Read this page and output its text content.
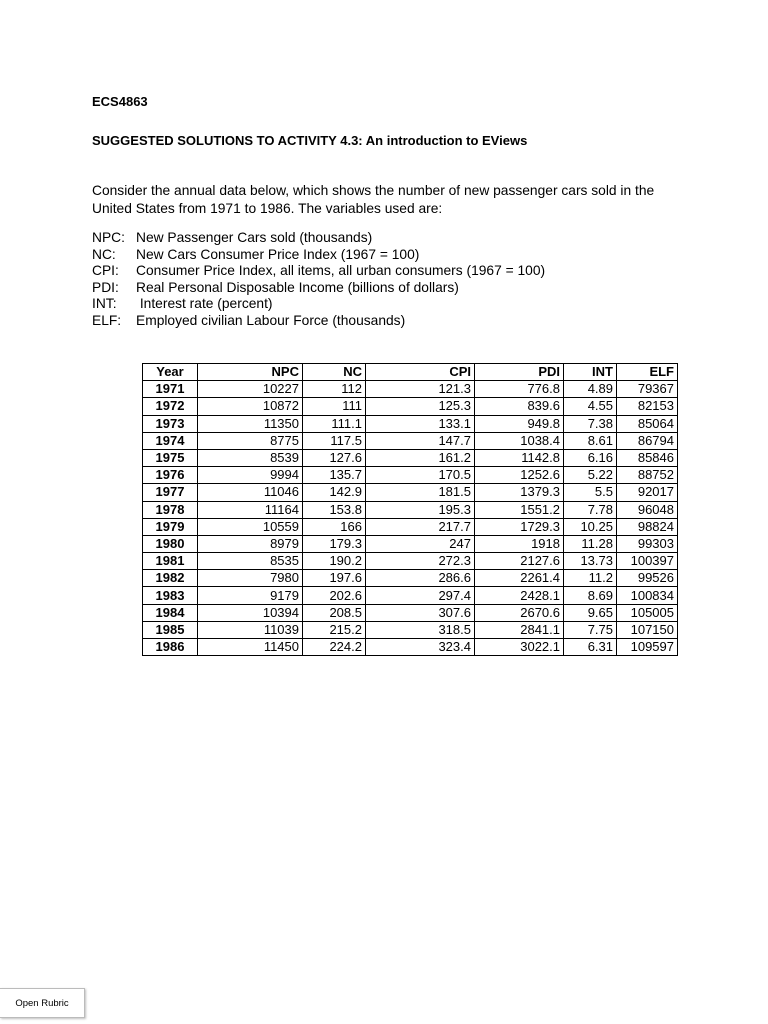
ECS4863
SUGGESTED SOLUTIONS TO ACTIVITY 4.3: An introduction to EViews
Consider the annual data below, which shows the number of new passenger cars sold in the United States from 1971 to 1986. The variables used are:
NPC: New Passenger Cars sold (thousands)
NC:	New Cars Consumer Price Index (1967 = 100)
CPI:	Consumer Price Index, all items, all urban consumers (1967 = 100)
PDI:	Real Personal Disposable Income (billions of dollars)
INT:	Interest rate (percent)
ELF:	Employed civilian Labour Force (thousands)
Year	NPC	NC	CPI	PDI	INT	ELF
1971	10227	112	121.3	776.8	4.89	79367
1972	10872	111	125.3	839.6	4.55	82153
1973	11350	111.1	133.1	949.8	7.38	85064
1974	8775	117.5	147.7	1038.4	8.61	86794
1975	8539	127.6	161.2	1142.8	6.16	85846
1976	9994	135.7	170.5	1252.6	5.22	88752
1977	11046	142.9	181.5	1379.3	5.5	92017
1978	11164	153.8	195.3	1551.2	7.78	96048
1979	10559	166	217.7	1729.3	10.25	98824
1980	8979	179.3	247	1918	11.28	99303
1981	8535	190.2	272.3	2127.6	13.73	100397
1982	7980	197.6	286.6	2261.4	11.2	99526
1983	9179	202.6	297.4	2428.1	8.69	100834
1984	10394	208.5	307.6	2670.6	9.65	105005
1985	11039	215.2	318.5	2841.1	7.75	107150
1986	11450	224.2	323.4	3022.1	6.31	109597
Open Rubric
